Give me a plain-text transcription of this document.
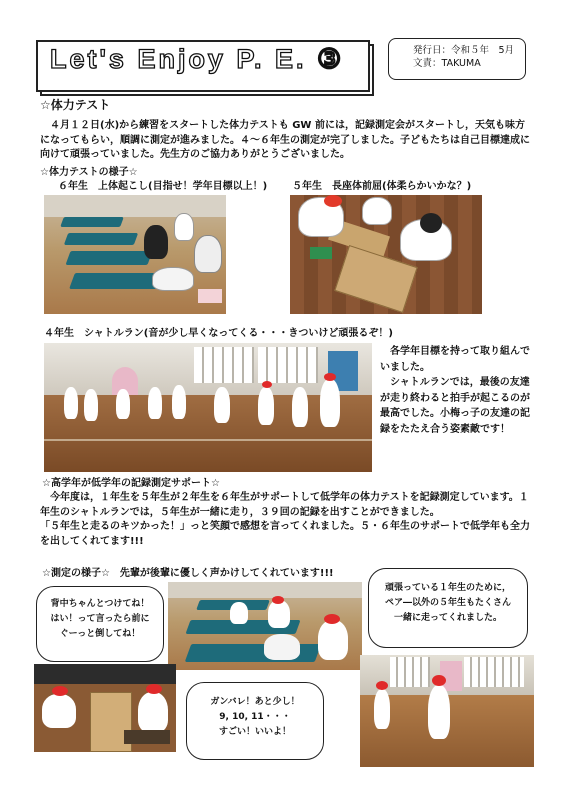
Let's Enjoy P. E. ③	発行日：令和５年　5月
文責：TAKUMA
☆体力テスト
　４月１２日(水)から練習をスタートした体力テストも GW 前には，記録測定会がスタートし，天気も味方になってもらい，順調に測定が進みました。４～６年生の測定が完了しました。子どもたちは自己目標達成に向けて頑張っていました。先生方のご協力ありがとうございました。
☆体力テストの様子☆
６年生　上体起こし(目指せ！学年目標以上！) ５年生　長座体前屈(体柔らかいかな？)
４年生　シャトルラン(音が少し早くなってくる・・・きついけど頑張るぞ！)
　各学年目標を持って取り組んでいました。
　シャトルランでは，最後の友達が走り終わると拍手が起こるのが最高でした。小梅っ子の友達の記録をたたえ合う姿素敵です！
☆高学年が低学年の記録測定サポート☆
　今年度は，１年生を５年生が２年生を６年生がサポートして低学年の体力テストを記録測定しています。１年生のシャトルランでは，５年生が一緒に走り，３９回の記録を出すことができました。
「５年生と走るのキツかった！」っと笑顔で感想を言ってくれました。５・６年生のサポートで低学年も全力を出してくれてます!!!
☆測定の様子☆　先輩が後輩に優しく声かけしてくれています!!!
背中ちゃんとつけてね！
はい！って言ったら前に
ぐーっと倒してね！
頑張っている１年生のために，
ペア―以外の５年生もたくさん
一緒に走ってくれました。
ガンバレ！あと少し！
9, 10, 11・・・
すごい！いいよ！
